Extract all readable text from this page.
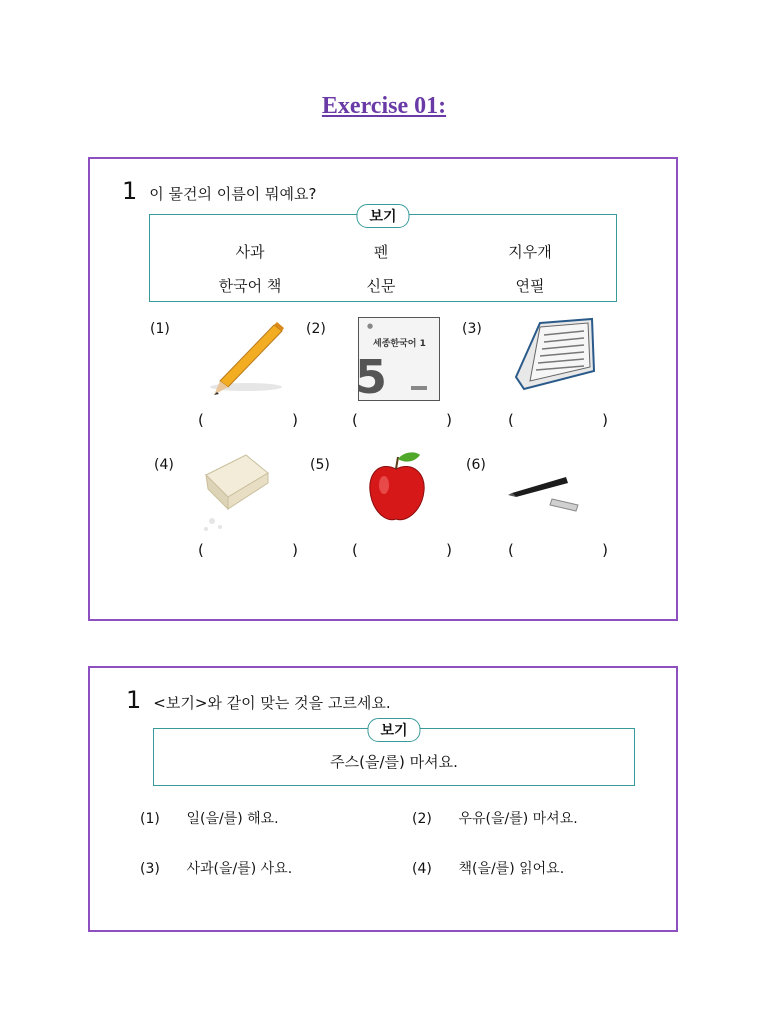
Exercise 01:
1 이 물건의 이름이 뭐예요?
보기
사과	펜	지우개
한국어 책	신문	연필
(1)
(	)
(2)	●
세종한국어 1
5
(	)
(3)
(	)
(4)
(	)
(5)
(	)
(6)
(	)
1 <보기>와 같이 맞는 것을 고르세요.
보기
주스(을/를) 마셔요.
(1) 일(을/를) 해요.	(2) 우유(을/를) 마셔요.
(3) 사과(을/를) 사요.	(4) 책(을/를) 읽어요.
